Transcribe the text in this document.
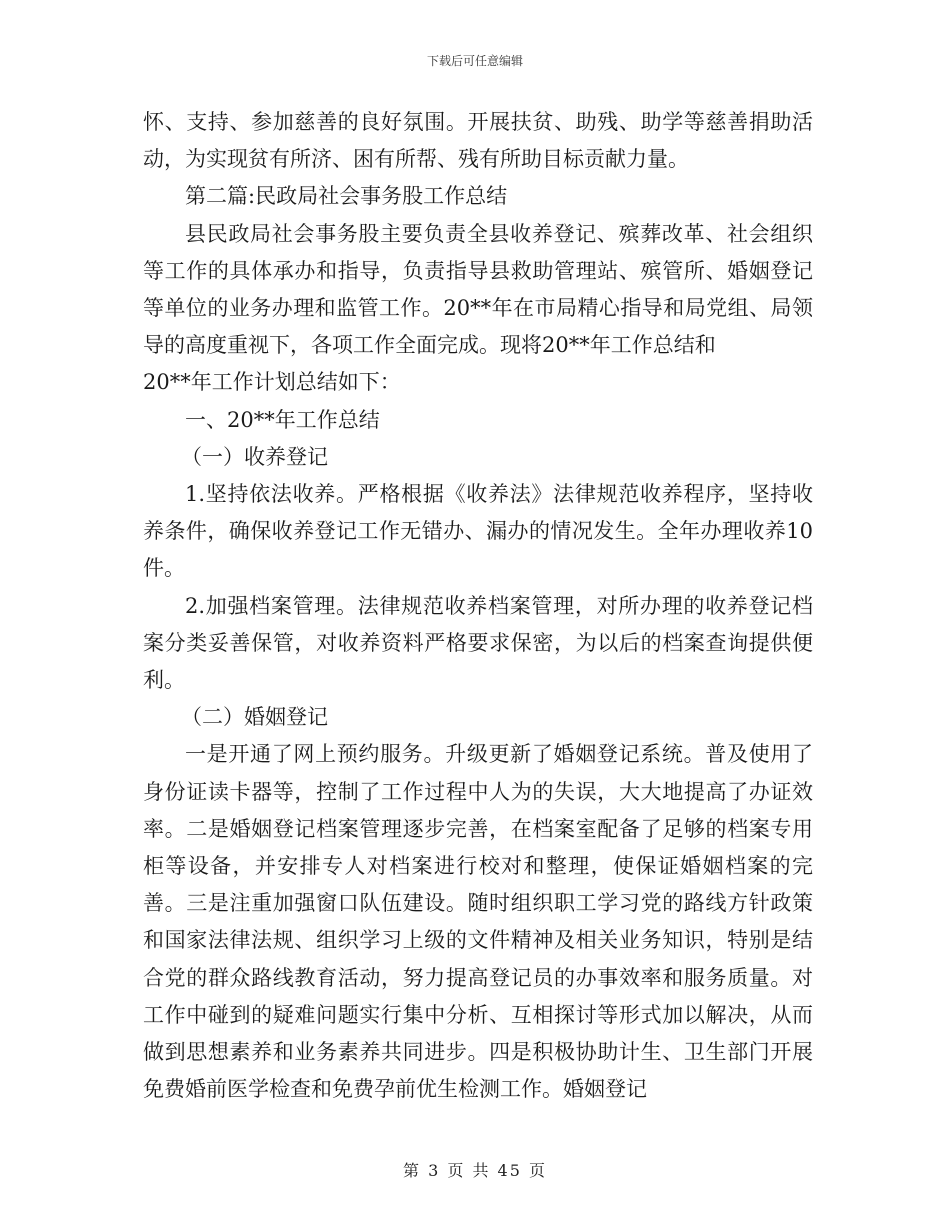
下载后可任意编辑

怀、支持、参加慈善的良好氛围。开展扶贫、助残、助学等慈善捐助活动，为实现贫有所济、困有所帮、残有所助目标贡献力量。

第二篇:民政局社会事务股工作总结

县民政局社会事务股主要负责全县收养登记、殡葬改革、社会组织等工作的具体承办和指导，负责指导县救助管理站、殡管所、婚姻登记等单位的业务办理和监管工作。20**年在市局精心指导和局党组、局领导的高度重视下，各项工作全面完成。现将20**年工作总结和

20**年工作计划总结如下：

一、20**年工作总结

（一）收养登记

1.坚持依法收养。严格根据《收养法》法律规范收养程序，坚持收养条件，确保收养登记工作无错办、漏办的情况发生。全年办理收养10件。

2.加强档案管理。法律规范收养档案管理，对所办理的收养登记档案分类妥善保管，对收养资料严格要求保密，为以后的档案查询提供便利。

（二）婚姻登记

一是开通了网上预约服务。升级更新了婚姻登记系统。普及使用了身份证读卡器等，控制了工作过程中人为的失误，大大地提高了办证效率。二是婚姻登记档案管理逐步完善，在档案室配备了足够的档案专用柜等设备，并安排专人对档案进行校对和整理，使保证婚姻档案的完善。三是注重加强窗口队伍建设。随时组织职工学习党的路线方针政策和国家法律法规、组织学习上级的文件精神及相关业务知识，特别是结合党的群众路线教育活动，努力提高登记员的办事效率和服务质量。对工作中碰到的疑难问题实行集中分析、互相探讨等形式加以解决，从而做到思想素养和业务素养共同进步。四是积极协助计生、卫生部门开展免费婚前医学检查和免费孕前优生检测工作。婚姻登记

第 3 页 共 45 页
